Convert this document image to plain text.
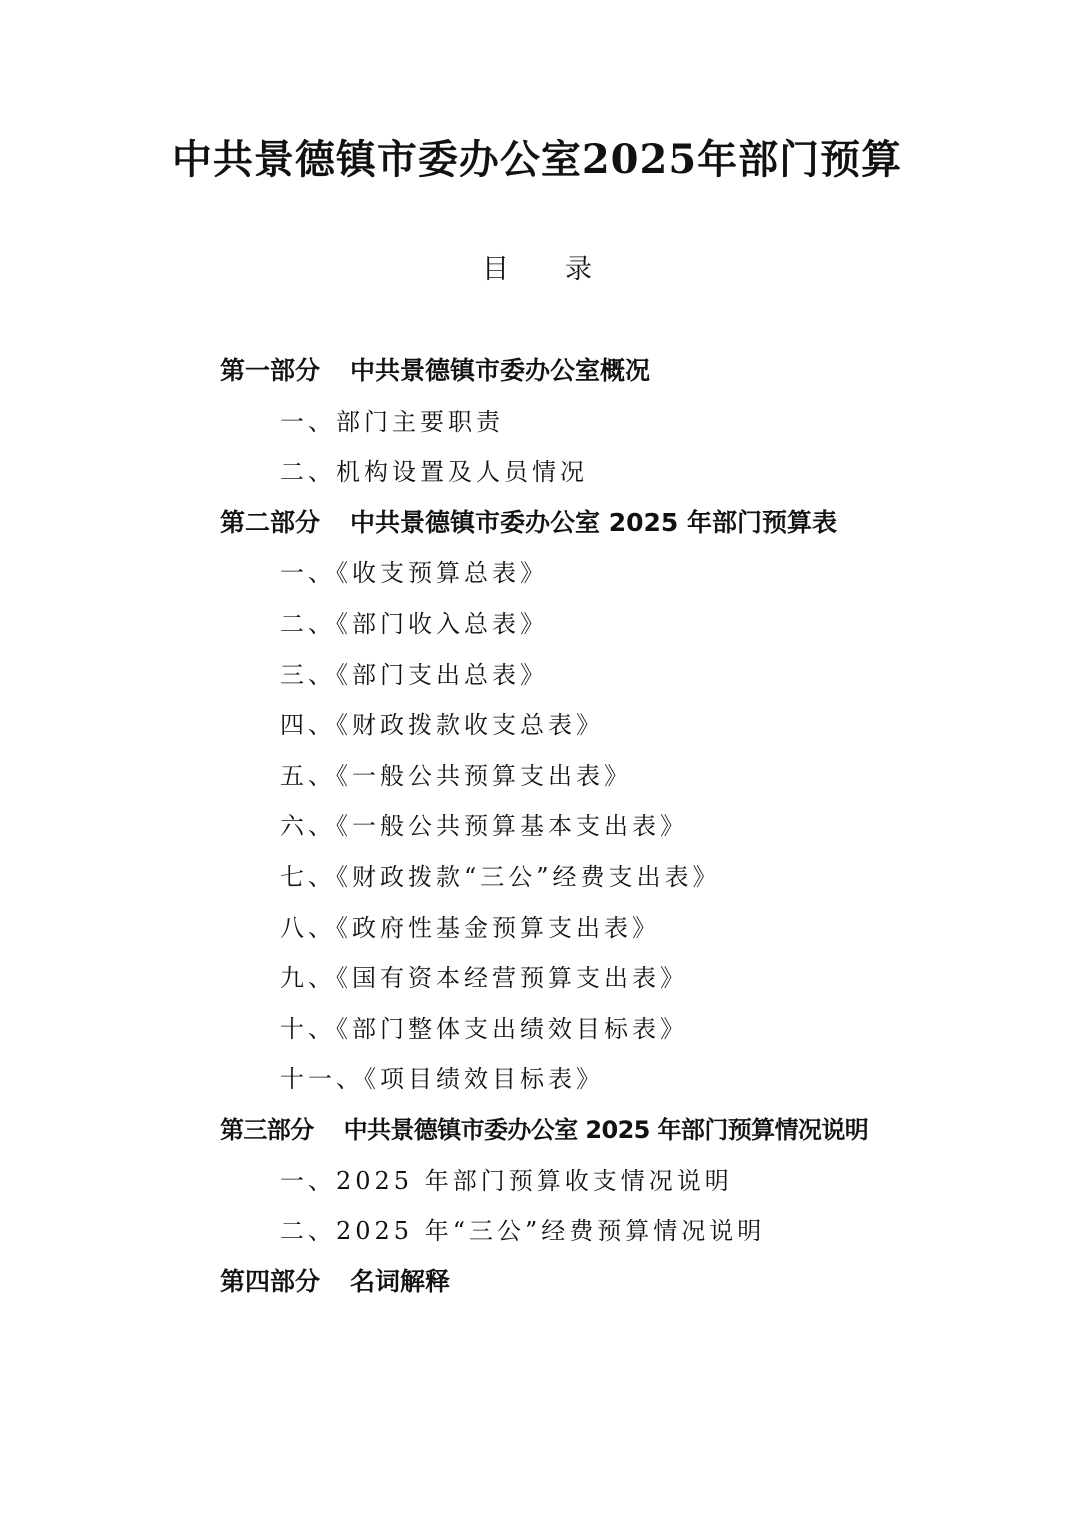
中共景德镇市委办公室2025年部门预算
目 录
第一部分 中共景德镇市委办公室概况
一、部门主要职责
二、机构设置及人员情况
第二部分 中共景德镇市委办公室 2025 年部门预算表
一、《收支预算总表》
二、《部门收入总表》
三、《部门支出总表》
四、《财政拨款收支总表》
五、《一般公共预算支出表》
六、《一般公共预算基本支出表》
七、《财政拨款“三公”经费支出表》
八、《政府性基金预算支出表》
九、《国有资本经营预算支出表》
十、《部门整体支出绩效目标表》
十一、《项目绩效目标表》
第三部分 中共景德镇市委办公室 2025 年部门预算情况说明
一、2025 年部门预算收支情况说明
二、2025 年“三公”经费预算情况说明
第四部分 名词解释
